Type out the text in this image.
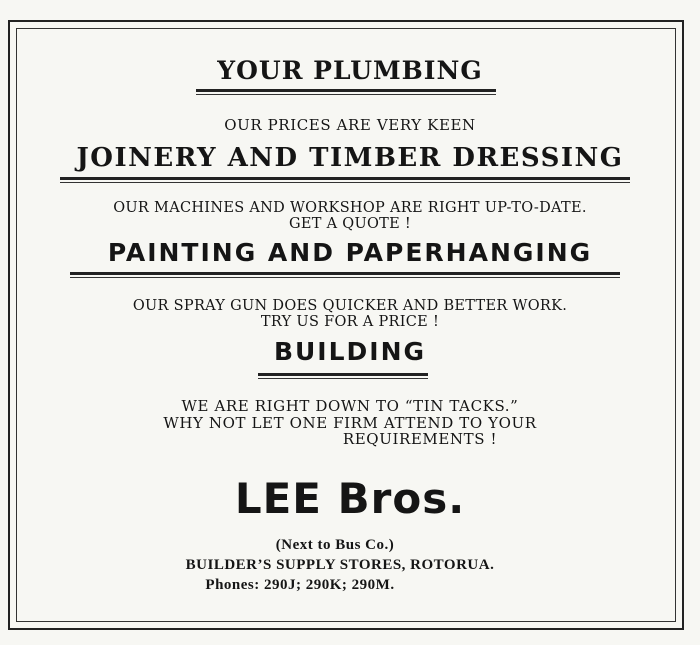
YOUR PLUMBING

OUR PRICES ARE VERY KEEN

JOINERY AND TIMBER DRESSING

OUR MACHINES AND WORKSHOP ARE RIGHT UP-TO-DATE.

GET A QUOTE !

PAINTING AND PAPERHANGING

OUR SPRAY GUN DOES QUICKER AND BETTER WORK.

TRY US FOR A PRICE !

BUILDING

WE ARE RIGHT DOWN TO “TIN TACKS.”

WHY NOT LET ONE FIRM ATTEND TO YOUR

REQUIREMENTS !

LEE Bros.

(Next to Bus Co.)

BUILDER’S SUPPLY STORES, ROTORUA.

Phones: 290J; 290K; 290M.
